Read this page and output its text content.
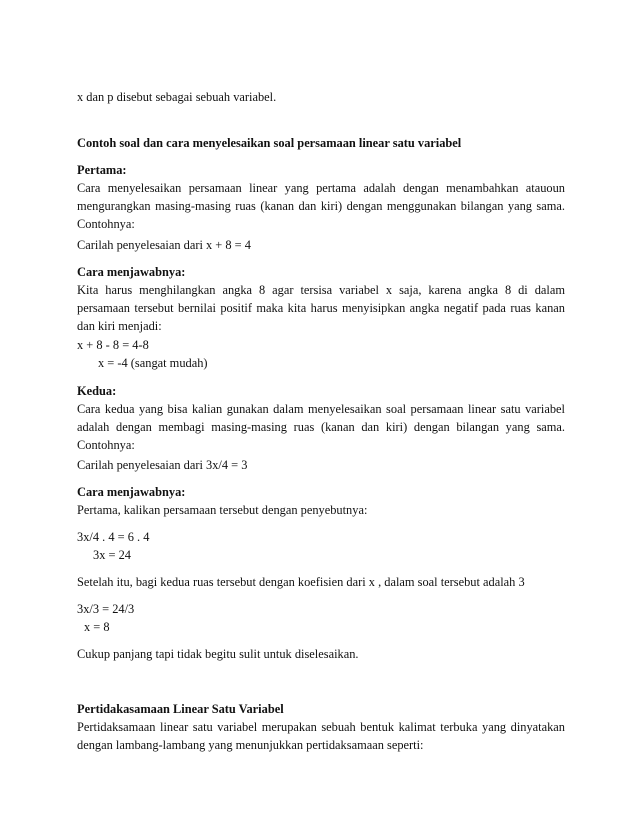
x dan p disebut sebagai sebuah variabel.
Contoh soal dan cara menyelesaikan soal persamaan linear satu variabel
Pertama:
Cara menyelesaikan persamaan linear yang pertama adalah dengan menambahkan atauoun mengurangkan masing-masing ruas (kanan dan kiri) dengan menggunakan bilangan yang sama. Contohnya:
Carilah penyelesaian dari x + 8 = 4
Cara menjawabnya:
Kita harus menghilangkan angka 8 agar tersisa variabel x saja, karena angka 8 di dalam persamaan tersebut bernilai positif maka kita harus menyisipkan angka negatif pada ruas kanan dan kiri menjadi:
x + 8 - 8 = 4-8
x = -4 (sangat mudah)
Kedua:
Cara kedua yang bisa kalian gunakan dalam menyelesaikan soal persamaan linear satu variabel adalah dengan membagi masing-masing ruas (kanan dan kiri) dengan bilangan yang sama. Contohnya:
Carilah penyelesaian dari 3x/4 = 3
Cara menjawabnya:
Pertama, kalikan persamaan tersebut dengan penyebutnya:
3x/4 . 4 = 6 . 4
3x = 24
Setelah itu, bagi kedua ruas tersebut dengan koefisien dari x , dalam soal tersebut adalah 3
3x/3 = 24/3
x = 8
Cukup panjang tapi tidak begitu sulit untuk diselesaikan.
Pertidakasamaan Linear Satu Variabel
Pertidaksamaan linear satu variabel merupakan sebuah bentuk kalimat terbuka yang dinyatakan dengan lambang-lambang yang menunjukkan pertidaksamaan seperti:
